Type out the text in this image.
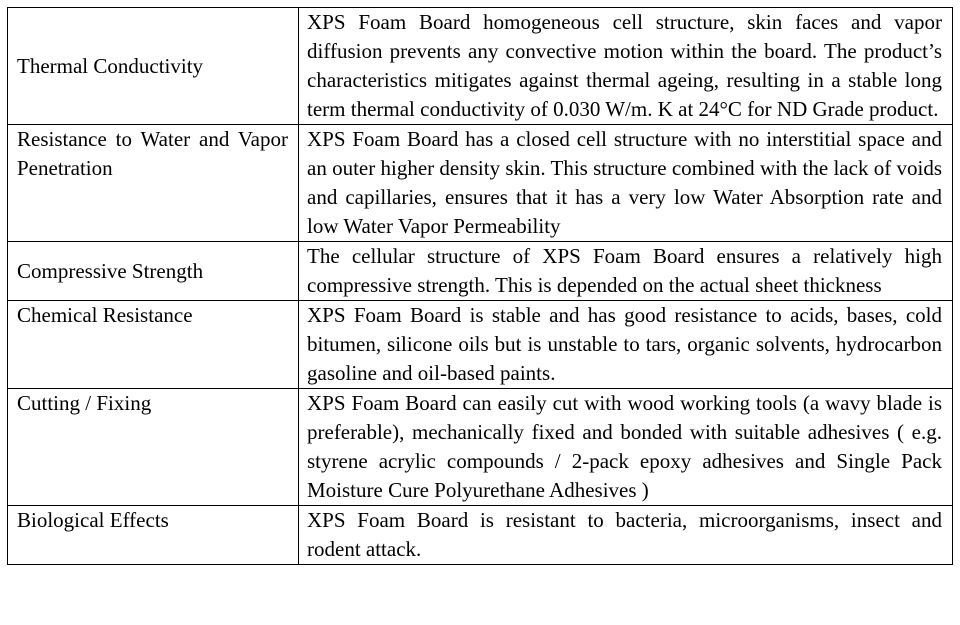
Thermal Conductivity	XPS Foam Board homogeneous cell structure, skin faces and vapor diffusion prevents any convective motion within the board. The product’s characteristics mitigates against thermal ageing, resulting in a stable long term thermal conductivity of 0.030 W/m. K at 24°C for ND Grade product.
Resistance to Water and Vapor Penetration	XPS Foam Board has a closed cell structure with no interstitial space and an outer higher density skin. This structure combined with the lack of voids and capillaries, ensures that it has a very low Water Absorption rate and low Water Vapor Permeability
Compressive Strength	The cellular structure of XPS Foam Board ensures a relatively high compressive strength. This is depended on the actual sheet thickness
Chemical Resistance	XPS Foam Board is stable and has good resistance to acids, bases, cold bitumen, silicone oils but is unstable to tars, organic solvents, hydrocarbon gasoline and oil-based paints.
Cutting / Fixing	XPS Foam Board can easily cut with wood working tools (a wavy blade is preferable), mechanically fixed and bonded with suitable adhesives ( e.g. styrene acrylic compounds / 2-pack epoxy adhesives and Single Pack Moisture Cure Polyurethane Adhesives )
Biological Effects	XPS Foam Board is resistant to bacteria, microorganisms, insect and rodent attack.
